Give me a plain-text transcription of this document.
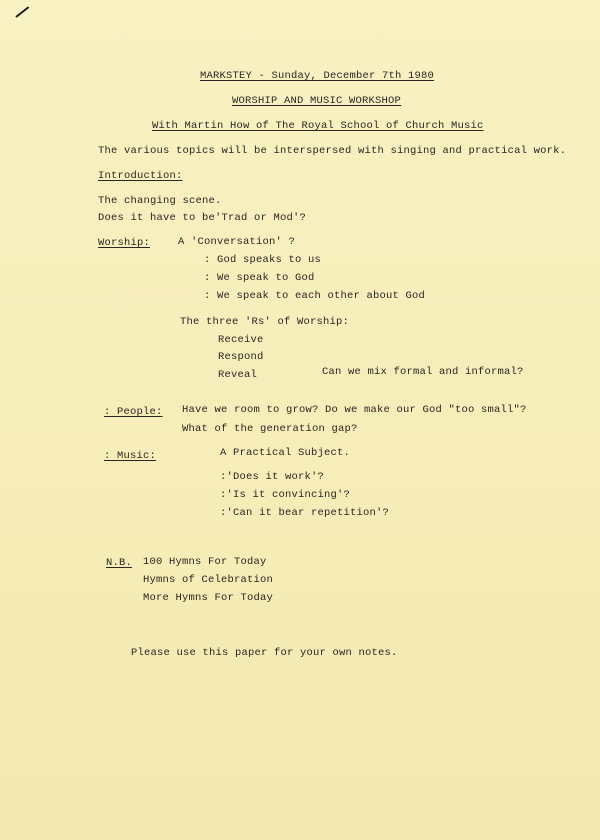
MARKSTEY - Sunday, December 7th 1980
WORSHIP AND MUSIC WORKSHOP
With Martin How of The Royal School of Church Music
The various topics will be interspersed with singing and practical work.
Introduction:
The changing scene.
Does it have to be'Trad or Mod'?
Worship:	A 'Conversation' ?
: God speaks to us
: We speak to God
: We speak to each other about God
The three 'Rs' of Worship:
Receive
Respond
Reveal	Can we mix formal and informal?
: People: Have we room to grow? Do we make our God "too small"?
What of the generation gap?
: Music:	A Practical Subject.
:'Does it work'?
:'Is it convincing'?
:'Can it bear repetition'?
N.B. 100 Hymns For Today
Hymns of Celebration
More Hymns For Today
Please use this paper for your own notes.
